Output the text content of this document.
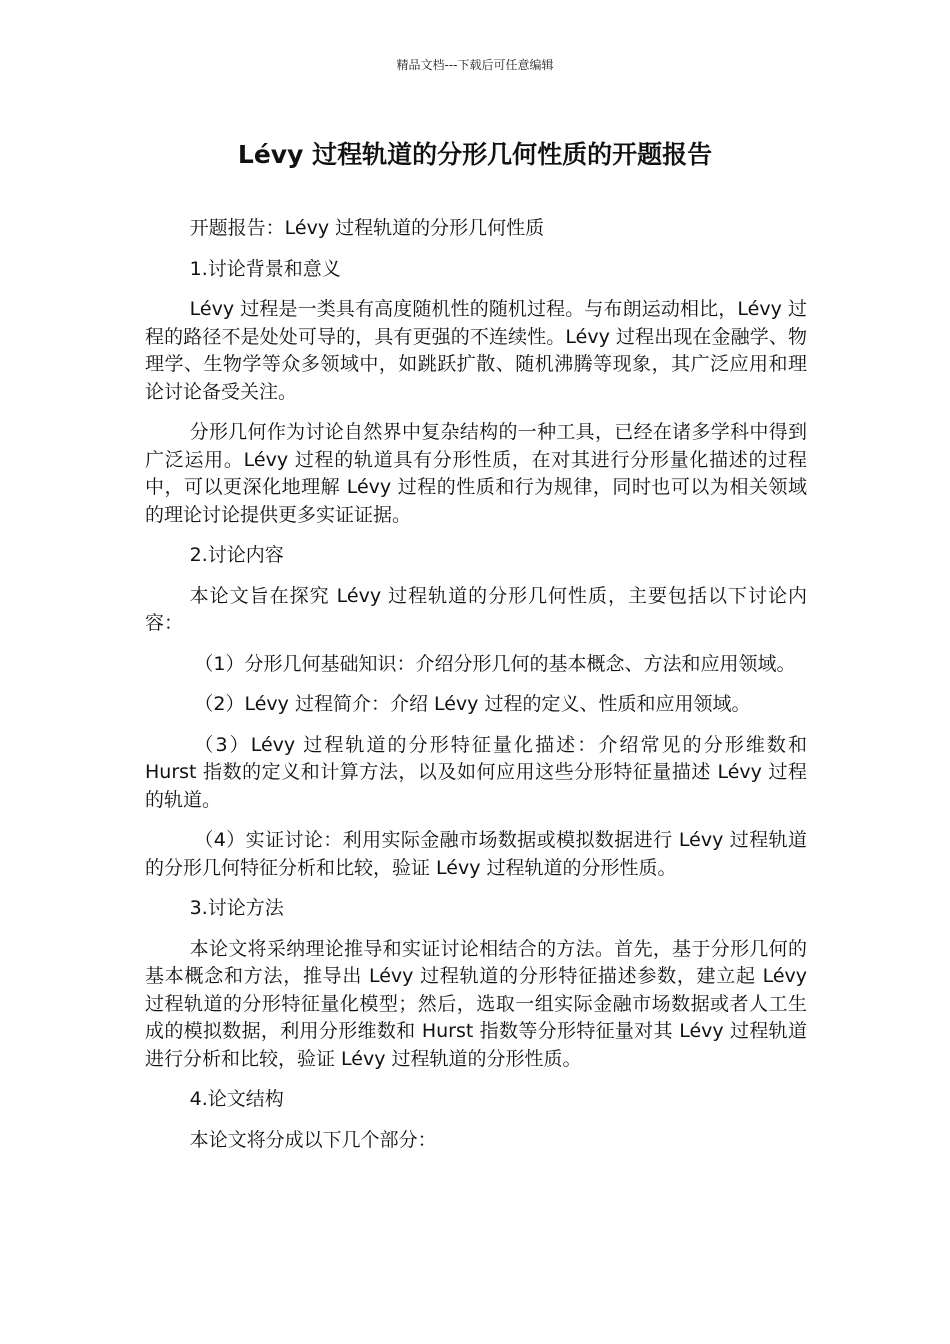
精品文档---下载后可任意编辑
Lévy 过程轨道的分形几何性质的开题报告

开题报告：Lévy 过程轨道的分形几何性质

1.讨论背景和意义

Lévy 过程是一类具有高度随机性的随机过程。与布朗运动相比，Lévy 过程的路径不是处处可导的，具有更强的不连续性。Lévy 过程出现在金融学、物理学、生物学等众多领域中，如跳跃扩散、随机沸腾等现象，其广泛应用和理论讨论备受关注。

分形几何作为讨论自然界中复杂结构的一种工具，已经在诸多学科中得到广泛运用。Lévy 过程的轨道具有分形性质，在对其进行分形量化描述的过程中，可以更深化地理解 Lévy 过程的性质和行为规律，同时也可以为相关领域的理论讨论提供更多实证证据。

2.讨论内容

本论文旨在探究 Lévy 过程轨道的分形几何性质，主要包括以下讨论内容：

（1）分形几何基础知识：介绍分形几何的基本概念、方法和应用领域。

（2）Lévy 过程简介：介绍 Lévy 过程的定义、性质和应用领域。

（3）Lévy 过程轨道的分形特征量化描述：介绍常见的分形维数和 Hurst 指数的定义和计算方法，以及如何应用这些分形特征量描述 Lévy 过程的轨道。

（4）实证讨论：利用实际金融市场数据或模拟数据进行 Lévy 过程轨道的分形几何特征分析和比较，验证 Lévy 过程轨道的分形性质。

3.讨论方法

本论文将采纳理论推导和实证讨论相结合的方法。首先，基于分形几何的基本概念和方法，推导出 Lévy 过程轨道的分形特征描述参数，建立起 Lévy 过程轨道的分形特征量化模型；然后，选取一组实际金融市场数据或者人工生成的模拟数据，利用分形维数和 Hurst 指数等分形特征量对其 Lévy 过程轨道进行分析和比较，验证 Lévy 过程轨道的分形性质。

4.论文结构

本论文将分成以下几个部分：
